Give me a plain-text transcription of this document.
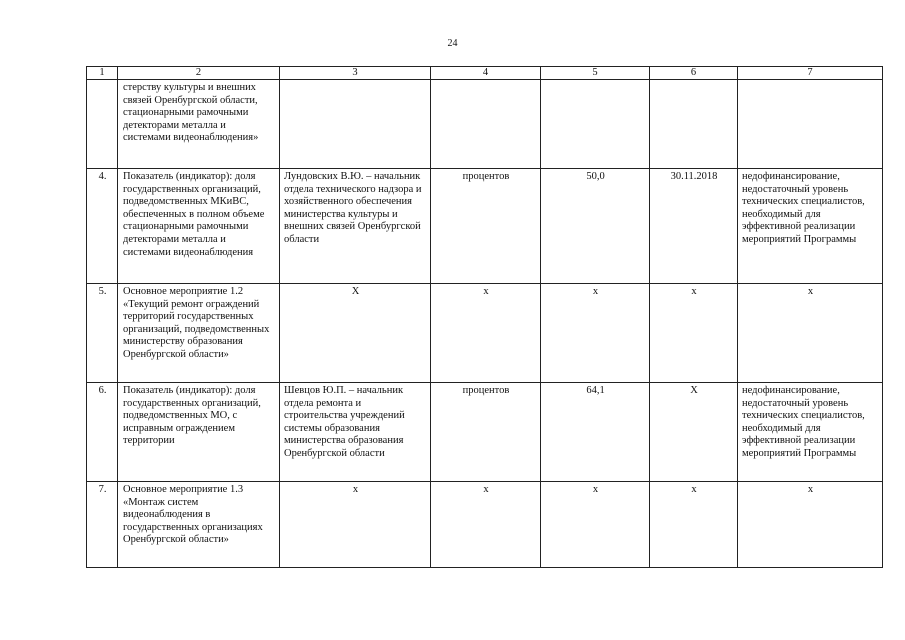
24
1	2	3	4	5	6	7
	стерству культуры и внешних связей Оренбургской области, стационарными рамочными детекторами металла и системами видеонаблюдения»					
4.	Показатель (индикатор): доля государственных организаций, подведомственных МКиВС, обеспеченных в полном объеме стационарными рамочными детекторами металла и системами видеонаблюдения	Лундовских В.Ю. – начальник отдела технического надзора и хозяйственного обеспечения министерства культуры и внешних связей Оренбургской области	процентов	50,0	30.11.2018	недофинансирование, недостаточный уровень технических специалистов, необходимый для эффективной реализации мероприятий Программы
5.	Основное мероприятие 1.2 «Текущий ремонт ограждений территорий государственных организаций, подведомственных министерству образования Оренбургской области»	Х	х	х	х	х
6.	Показатель (индикатор): доля государственных организаций, подведомственных МО, с исправным ограждением территории	Шевцов Ю.П. – начальник отдела ремонта и строительства учреждений системы образования министерства образования Оренбургской области	процентов	64,1	Х	недофинансирование, недостаточный уровень технических специалистов, необходимый для эффективной реализации мероприятий Программы
7.	Основное мероприятие 1.3 «Монтаж систем видеонаблюдения в государственных организациях Оренбургской области»	х	х	х	х	х
